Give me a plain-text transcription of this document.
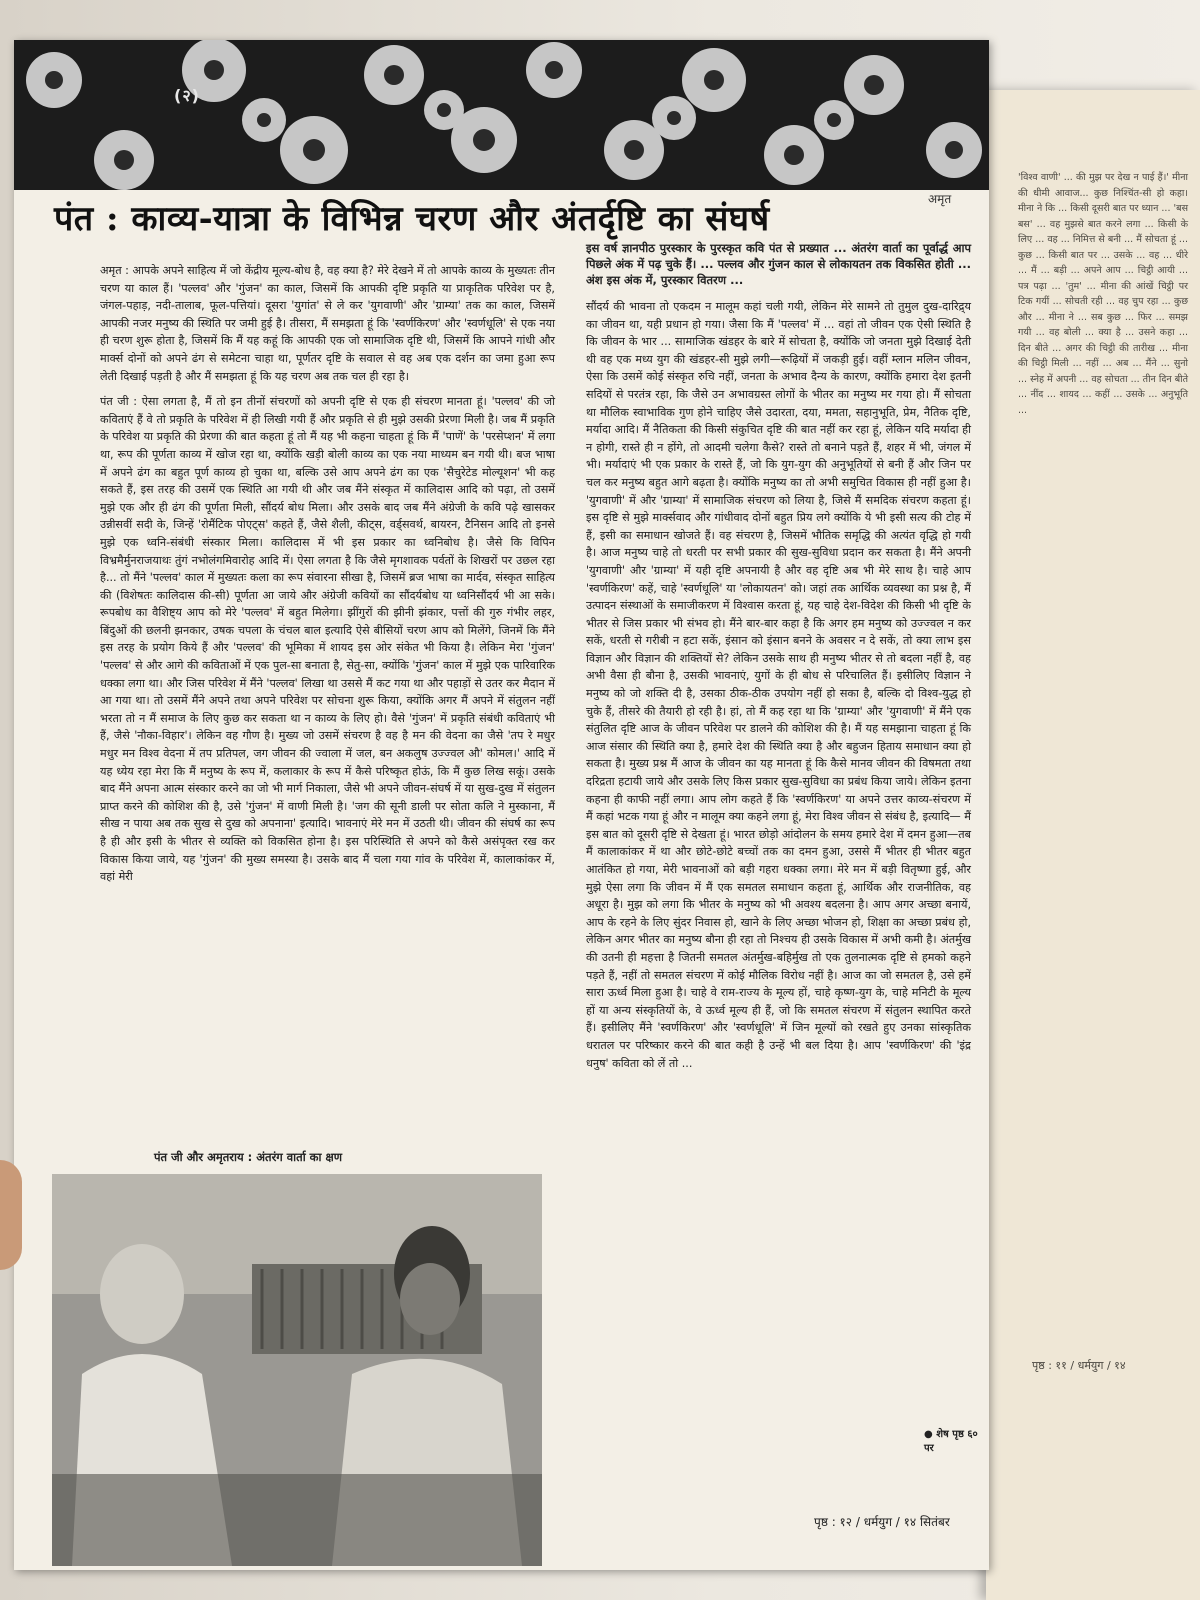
'विश्व वाणी' ... की मुझ पर देख न पाई हैं।' मीना की धीमी आवाज... कुछ निश्चिंत-सी हो कहा। मीना ने कि ... किसी दूसरी बात पर ध्यान ... 'बस बस' ... वह मुझसे बात करने लगा ... किसी के लिए ... वह ... निमित्त से बनी ... मैं सोचता हूं ... कुछ ... किसी बात पर ... उसके ... वह ... धीरे ... मैं ... बड़ी ... अपने आप ... चिट्ठी आयी ... पत्र पढ़ा ... 'तुम' ... मीना की आंखें चिट्ठी पर टिक गयीं ... सोचती रही ... वह चुप रहा ... कुछ और ... मीना ने ... सब कुछ ... फिर ... समझ गयी ... वह बोली ... क्या है ... उसने कहा ... दिन बीते ... अगर की चिट्ठी की तारीख ... मीना की चिट्ठी मिली ... नहीं ... अब ... मैंने ... सुनो ... स्नेह में अपनी ... वह सोचता ... तीन दिन बीते ... नींद ... शायद ... कहीं ... उसके ... अनुभूति ...
पृष्ठ : ११ / धर्मयुग / १४
(२)
पंत : काव्य-यात्रा के विभिन्न चरण और अंतर्दृष्टि का संघर्ष	अमृत

अमृत : आपके अपने साहित्य में जो केंद्रीय मूल्य-बोध है, वह क्या है? मेरे देखने में तो आपके काव्य के मुख्यतः तीन चरण या काल हैं। 'पल्लव' और 'गुंजन' का काल, जिसमें कि आपकी दृष्टि प्रकृति या प्राकृतिक परिवेश पर है, जंगल-पहाड़, नदी-तालाब, फूल-पत्तियां। दूसरा 'युगांत' से ले कर 'युगवाणी' और 'ग्राम्या' तक का काल, जिसमें आपकी नजर मनुष्य की स्थिति पर जमी हुई है। तीसरा, मैं समझता हूं कि 'स्वर्णकिरण' और 'स्वर्णधूलि' से एक नया ही चरण शुरू होता है, जिसमें कि मैं यह कहूं कि आपकी एक जो सामाजिक दृष्टि थी, जिसमें कि आपने गांधी और मार्क्स दोनों को अपने ढंग से समेटना चाहा था, पूर्णतर दृष्टि के सवाल से वह अब एक दर्शन का जमा हुआ रूप लेती दिखाई पड़ती है और मैं समझता हूं कि यह चरण अब तक चल ही रहा है।

पंत जी : ऐसा लगता है, मैं तो इन तीनों संचरणों को अपनी दृष्टि से एक ही संचरण मानता हूं। 'पल्लव' की जो कविताएं हैं वे तो प्रकृति के परिवेश में ही लिखी गयी हैं और प्रकृति से ही मुझे उसकी प्रेरणा मिली है। जब मैं प्रकृति के परिवेश या प्रकृति की प्रेरणा की बात कहता हूं तो मैं यह भी कहना चाहता हूं कि मैं 'पाणें' के 'परसेप्शन' में लगा था, रूप की पूर्णता काव्य में खोज रहा था, क्योंकि खड़ी बोली काव्य का एक नया माध्यम बन गयी थी। बज भाषा में अपने ढंग का बहुत पूर्ण काव्य हो चुका था, बल्कि उसे आप अपने ढंग का एक 'सैचुरेटेड मोल्यूशन' भी कह सकते हैं, इस तरह की उसमें एक स्थिति आ गयी थी और जब मैंने संस्कृत में कालिदास आदि को पढ़ा, तो उसमें मुझे एक और ही ढंग की पूर्णता मिली, सौंदर्य बोध मिला। और उसके बाद जब मैंने अंग्रेजी के कवि पढ़े खासकर उन्नीसवीं सदी के, जिन्हें 'रोमैंटिक पोएट्स' कहते हैं, जैसे शैली, कीट्स, वर्ड्सवर्थ, बायरन, टैनिसन आदि तो इनसे मुझे एक ध्वनि-संबंधी संस्कार मिला। कालिदास में भी इस प्रकार का ध्वनिबोध है। जैसे कि विपिन विभ्रमैर्मुनराजयाथः तुंगं नभोलंगमिवारोह आदि में। ऐसा लगता है कि जैसे मृगशावक पर्वतों के शिखरों पर उछल रहा है... तो मैंने 'पल्लव' काल में मुख्यतः कला का रूप संवारना सीखा है, जिसमें ब्रज भाषा का मार्दव, संस्कृत साहित्य की (विशेषतः कालिदास की-सी) पूर्णता आ जाये और अंग्रेजी कवियों का सौंदर्यबोध या ध्वनिसौंदर्य भी आ सके। रूपबोध का वैशिष्ट्य आप को मेरे 'पल्लव' में बहुत मिलेगा। झींगुरों की झीनी झंकार, पत्तों की गुरु गंभीर लहर, बिंदुओं की छलनी झनकार, उषक चपला के चंचल बाल इत्यादि ऐसे बीसियों चरण आप को मिलेंगे, जिनमें कि मैंने इस तरह के प्रयोग किये हैं और 'पल्लव' की भूमिका में शायद इस ओर संकेत भी किया है। लेकिन मेरा 'गुंजन' 'पल्लव' से और आगे की कविताओं में एक पुल-सा बनाता है, सेतु-सा, क्योंकि 'गुंजन' काल में मुझे एक पारिवारिक धक्का लगा था। और जिस परिवेश में मैंने 'पल्लव' लिखा था उससे मैं कट गया था और पहाड़ों से उतर कर मैदान में आ गया था। तो उसमें मैंने अपने तथा अपने परिवेश पर सोचना शुरू किया, क्योंकि अगर मैं अपने में संतुलन नहीं भरता तो न मैं समाज के लिए कुछ कर सकता था न काव्य के लिए हो। वैसे 'गुंजन' में प्रकृति संबंधी कविताएं भी हैं, जैसे 'नौका-विहार'। लेकिन वह गौण है। मुख्य जो उसमें संचरण है वह है मन की वेदना का जैसे 'तप रे मधुर मधुर मन विश्व वेदना में तप प्रतिपल, जग जीवन की ज्वाला में जल, बन अकलुष उज्ज्वल औ' कोमल।' आदि में यह ध्येय रहा मेरा कि मैं मनुष्य के रूप में, कलाकार के रूप में कैसे परिष्कृत होऊं, कि मैं कुछ लिख सकूं। उसके बाद मैंने अपना आत्म संस्कार करने का जो भी मार्ग निकाला, जैसे भी अपने जीवन-संघर्ष में या सुख-दुख में संतुलन प्राप्त करने की कोशिश की है, उसे 'गुंजन' में वाणी मिली है। 'जग की सूनी डाली पर सोता कलि ने मुस्काना, मैं सीख न पाया अब तक सुख से दुख को अपनाना' इत्यादि। भावनाएं मेरे मन में उठती थी। जीवन की संघर्ष का रूप है ही और इसी के भीतर से व्यक्ति को विकसित होना है। इस परिस्थिति से अपने को कैसे असंपृक्त रख कर विकास किया जाये, यह 'गुंजन' की मुख्य समस्या है। उसके बाद मैं चला गया गांव के परिवेश में, कालाकांकर में, वहां मेरी

पंत जी और अमृतराय : अंतरंग वार्ता का क्षण

इस वर्ष ज्ञानपीठ पुरस्कार के पुरस्कृत कवि पंत से प्रख्यात ... अंतरंग वार्ता का पूर्वार्द्ध आप पिछले अंक में पढ़ चुके हैं। ... पल्लव और गुंजन काल से लोकायतन तक विकसित होती ... अंश इस अंक में, पुरस्कार वितरण ...

सौंदर्य की भावना तो एकदम न मालूम कहां चली गयी, लेकिन मेरे सामने तो तुमुल दुख-दारिद्र्य का जीवन था, यही प्रधान हो गया। जैसा कि मैं 'पल्लव' में ... वहां तो जीवन एक ऐसी स्थिति है कि जीवन के भार ... सामाजिक खंडहर के बारे में सोचता है, क्योंकि जो जनता मुझे दिखाई देती थी वह एक मध्य युग की खंडहर-सी मुझे लगी—रूढ़ियों में जकड़ी हुई। वहीं म्लान मलिन जीवन, ऐसा कि उसमें कोई संस्कृत रुचि नहीं, जनता के अभाव दैन्य के कारण, क्योंकि हमारा देश इतनी सदियों से परतंत्र रहा, कि जैसे उन अभावग्रस्त लोगों के भीतर का मनुष्य मर गया हो। मैं सोचता था मौलिक स्वाभाविक गुण होने चाहिए जैसे उदारता, दया, ममता, सहानुभूति, प्रेम, नैतिक दृष्टि, मर्यादा आदि। मैं नैतिकता की किसी संकुचित दृष्टि की बात नहीं कर रहा हूं, लेकिन यदि मर्यादा ही न होगी, रास्ते ही न होंगे, तो आदमी चलेगा कैसे? रास्ते तो बनाने पड़ते हैं, शहर में भी, जंगल में भी। मर्यादाएं भी एक प्रकार के रास्ते हैं, जो कि युग-युग की अनुभूतियों से बनी हैं और जिन पर चल कर मनुष्य बहुत आगे बढ़ता है। क्योंकि मनुष्य का तो अभी समुचित विकास ही नहीं हुआ है। 'युगवाणी' में और 'ग्राम्या' में सामाजिक संचरण को लिया है, जिसे मैं समदिक संचरण कहता हूं। इस दृष्टि से मुझे मार्क्सवाद और गांधीवाद दोनों बहुत प्रिय लगे क्योंकि ये भी इसी सत्य की टोह में हैं, इसी का समाधान खोजते हैं। वह संचरण है, जिसमें भौतिक समृद्धि की अत्यंत वृद्धि हो गयी है। आज मनुष्य चाहे तो धरती पर सभी प्रकार की सुख-सुविधा प्रदान कर सकता है। मैंने अपनी 'युगवाणी' और 'ग्राम्या' में यही दृष्टि अपनायी है और वह दृष्टि अब भी मेरे साथ है। चाहे आप 'स्वर्णकिरण' कहें, चाहे 'स्वर्णधूलि' या 'लोकायतन' को। जहां तक आर्थिक व्यवस्था का प्रश्न है, मैं उत्पादन संस्थाओं के समाजीकरण में विश्वास करता हूं, यह चाहे देश-विदेश की किसी भी दृष्टि के भीतर से जिस प्रकार भी संभव हो। मैंने बार-बार कहा है कि अगर हम मनुष्य को उज्ज्वल न कर सकें, धरती से गरीबी न हटा सकें, इंसान को इंसान बनने के अवसर न दे सकें, तो क्या लाभ इस विज्ञान और विज्ञान की शक्तियों से? लेकिन उसके साथ ही मनुष्य भीतर से तो बदला नहीं है, वह अभी वैसा ही बौना है, उसकी भावनाएं, युगों के ही बोध से परिचालित हैं। इसीलिए विज्ञान ने मनुष्य को जो शक्ति दी है, उसका ठीक-ठीक उपयोग नहीं हो सका है, बल्कि दो विश्व-युद्ध हो चुके हैं, तीसरे की तैयारी हो रही है। हां, तो मैं कह रहा था कि 'ग्राम्या' और 'युगवाणी' में मैंने एक संतुलित दृष्टि आज के जीवन परिवेश पर डालने की कोशिश की है। मैं यह समझाना चाहता हूं कि आज संसार की स्थिति क्या है, हमारे देश की स्थिति क्या है और बहुजन हिताय समाधान क्या हो सकता है। मुख्य प्रश्न मैं आज के जीवन का यह मानता हूं कि कैसे मानव जीवन की विषमता तथा दरिद्रता हटायी जाये और उसके लिए किस प्रकार सुख-सुविधा का प्रबंध किया जाये। लेकिन इतना कहना ही काफी नहीं लगा। आप लोग कहते हैं कि 'स्वर्णकिरण' या अपने उत्तर काव्य-संचरण में मैं कहां भटक गया हूं और न मालूम क्या कहने लगा हूं, मेरा विश्व जीवन से संबंध है, इत्यादि— मैं इस बात को दूसरी दृष्टि से देखता हूं। भारत छोड़ो आंदोलन के समय हमारे देश में दमन हुआ—तब मैं कालाकांकर में था और छोटे-छोटे बच्चों तक का दमन हुआ, उससे मैं भीतर ही भीतर बहुत आतंकित हो गया, मेरी भावनाओं को बड़ी गहरा धक्का लगा। मेरे मन में बड़ी वितृष्णा हुई, और मुझे ऐसा लगा कि जीवन में मैं एक समतल समाधान कहता हूं, आर्थिक और राजनीतिक, वह अधूरा है। मुझ को लगा कि भीतर के मनुष्य को भी अवश्य बदलना है। आप अगर अच्छा बनायें, आप के रहने के लिए सुंदर निवास हो, खाने के लिए अच्छा भोजन हो, शिक्षा का अच्छा प्रबंध हो, लेकिन अगर भीतर का मनुष्य बौना ही रहा तो निश्चय ही उसके विकास में अभी कमी है। अंतर्मुख की उतनी ही महत्ता है जितनी समतल अंतर्मुख-बहिर्मुख तो एक तुलनात्मक दृष्टि से हमको कहने पड़ते हैं, नहीं तो समतल संचरण में कोई मौलिक विरोध नहीं है। आज का जो समतल है, उसे हमें सारा ऊर्ध्व मिला हुआ है। चाहे वे राम-राज्य के मूल्य हों, चाहे कृष्ण-युग के, चाहे मनिटी के मूल्य हों या अन्य संस्कृतियों के, वे ऊर्ध्व मूल्य ही हैं, जो कि समतल संचरण में संतुलन स्थापित करते हैं। इसीलिए मैंने 'स्वर्णकिरण' और 'स्वर्णधूलि' में जिन मूल्यों को रखते हुए उनका सांस्कृतिक धरातल पर परिष्कार करने की बात कही है उन्हें भी बल दिया है। आप 'स्वर्णकिरण' की 'इंद्र धनुष' कविता को लें तो ...

● शेष पृष्ठ ६० पर
पृष्ठ : १२ / धर्मयुग / १४ सितंबर
